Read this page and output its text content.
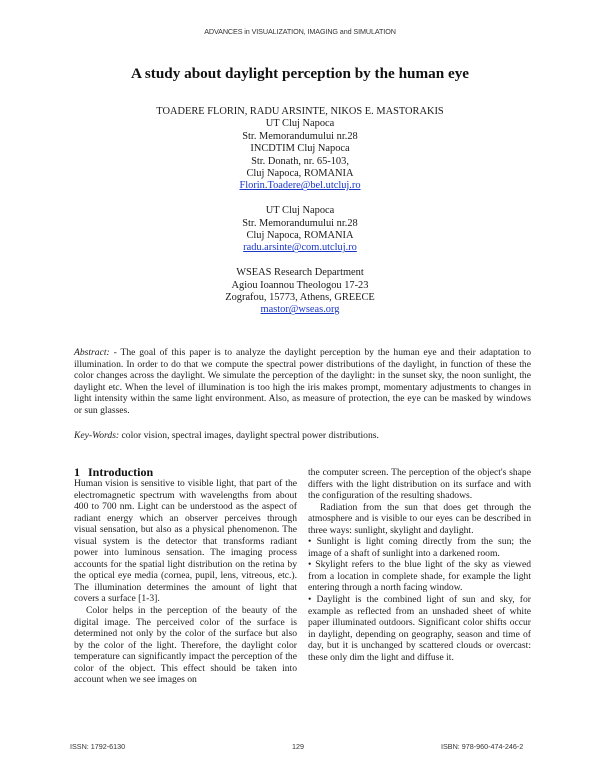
ADVANCES in VISUALIZATION, IMAGING and SIMULATION
A study about daylight perception by the human eye
TOADERE FLORIN, RADU ARSINTE, NIKOS E. MASTORAKIS
UT Cluj Napoca
Str. Memorandumului nr.28
INCDTIM Cluj Napoca
Str. Donath, nr. 65-103,
Cluj Napoca, ROMANIA
Florin.Toadere@bel.utcluj.ro
UT Cluj Napoca
Str. Memorandumului nr.28
Cluj Napoca, ROMANIA
radu.arsinte@com.utcluj.ro
WSEAS Research Department
Agiou Ioannou Theologou 17-23
Zografou, 15773, Athens, GREECE
mastor@wseas.org
Abstract: - The goal of this paper is to analyze the daylight perception by the human eye and their adaptation to illumination. In order to do that we compute the spectral power distributions of the daylight, in function of these the color changes across the daylight. We simulate the perception of the daylight: in the sunset sky, the noon sunlight, the daylight etc. When the level of illumination is too high the iris makes prompt, momentary adjustments to changes in light intensity within the same light environment. Also, as measure of protection, the eye can be masked by windows or sun glasses.
Key-Words: color vision, spectral images, daylight spectral power distributions.
1 Introduction

Human vision is sensitive to visible light, that part of the electromagnetic spectrum with wavelengths from about 400 to 700 nm. Light can be understood as the aspect of radiant energy which an observer perceives through visual sensation, but also as a physical phenomenon. The visual system is the detector that transforms radiant power into luminous sensation. The imaging process accounts for the spatial light distribution on the retina by the optical eye media (cornea, pupil, lens, vitreous, etc.). The illumination determines the amount of light that covers a surface [1-3].

Color helps in the perception of the beauty of the digital image. The perceived color of the surface is determined not only by the color of the surface but also by the color of the light. Therefore, the daylight color temperature can significantly impact the perception of the color of the object. This effect should be taken into account when we see images on

the computer screen. The perception of the object's shape differs with the light distribution on its surface and with the configuration of the resulting shadows.

Radiation from the sun that does get through the atmosphere and is visible to our eyes can be described in three ways: sunlight, skylight and daylight.

• Sunlight is light coming directly from the sun; the image of a shaft of sunlight into a darkened room.

• Skylight refers to the blue light of the sky as viewed from a location in complete shade, for example the light entering through a north facing window.

• Daylight is the combined light of sun and sky, for example as reflected from an unshaded sheet of white paper illuminated outdoors. Significant color shifts occur in daylight, depending on geography, season and time of day, but it is unchanged by scattered clouds or overcast: these only dim the light and diffuse it.

ISSN: 1792-6130	129	ISBN: 978-960-474-246-2
